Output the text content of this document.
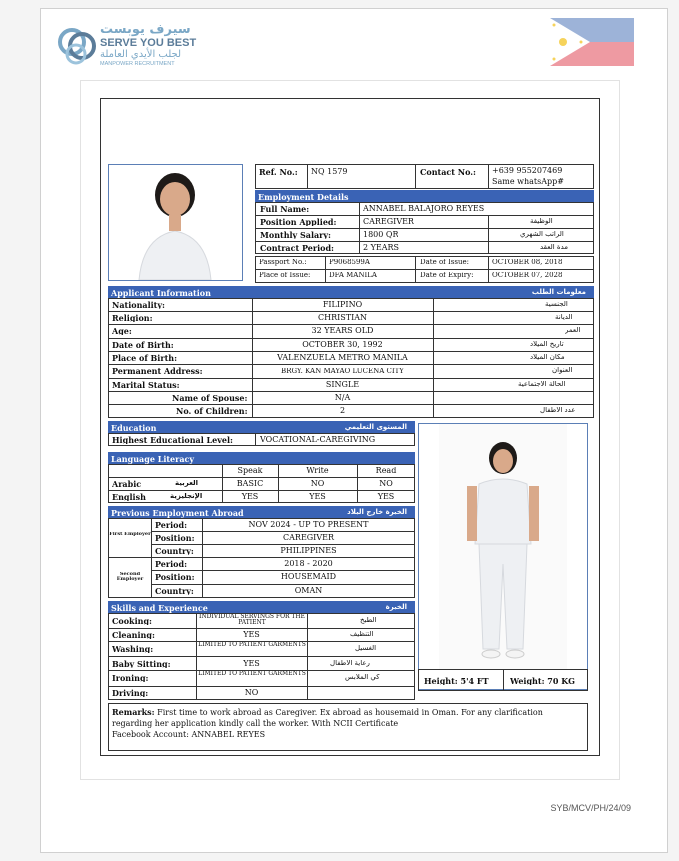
سيرف يوبست
SERVE YOU BEST
لجلب الأيدي العاملة
MANPOWER RECRUITMENT
Ref. No.: NQ 1579	Contact No.: +639 955207469
Same whatsApp#
Employment Details
Full Name:	ANNABEL BALAJORO REYES
Position Applied:	CAREGIVER	الوظيفة
Monthly Salary:	1800 QR	الراتب الشهري
Contract Period:	2 YEARS	مدة العقد
Passport No.:	P9068599A	Date of Issue:	OCTOBER 08, 2018
Place of Issue:	DFA MANILA	Date of Expiry:	OCTOBER 07, 2028
Applicant Information	معلومات الطلب
Nationality:	FILIPINO	الجنسية
Religion:	CHRISTIAN	الديانة
Age:	32 YEARS OLD	العمر
Date of Birth:	OCTOBER 30, 1992	تاريخ الميلاد
Place of Birth:	VALENZUELA METRO MANILA	مكان الميلاد
Permanent Address:	BRGY. KAN MAYAO LUCENA CITY	العنوان
Marital Status:	SINGLE	الحالة الاجتماعية
Name of Spouse:	N/A
No. of Children:	2	عدد الأطفال
Education	المستوى التعليمي
Highest Educational Level:	VOCATIONAL-CAREGIVING
Language Literacy
Speak	Write	Read
Arabic	العربية	BASIC	NO	NO
English	الإنجليزية	YES	YES	YES
Previous Employment Abroad	الخبرة خارج البلاد
First Employer
Period:	NOV 2024 - UP TO PRESENT
Position:	CAREGIVER
Country:	PHILIPPINES
Second Employer
Period:	2018 - 2020
Position:	HOUSEMAID
Country:	OMAN
Skills and Experience	الخبرة
Cooking:	INDIVIDUAL SERVINGS FOR THE PATIENT	الطبخ
Cleaning:	YES	التنظيف
Washing:	LIMITED TO PATIENT GARMENTS	الغسيل
Baby Sitting:	YES	رعاية الأطفال
Ironing:	LIMITED TO PATIENT GARMENTS	كي الملابس
Driving:	NO
Height: 5'4 FT	Weight: 70 KG
Remarks: First time to work abroad as Caregiver. Ex abroad as housemaid in Oman. For any clarification regarding her application kindly call the worker. With NCII Certificate
Facebook Account: ANNABEL REYES
SYB/MCV/PH/24/09
